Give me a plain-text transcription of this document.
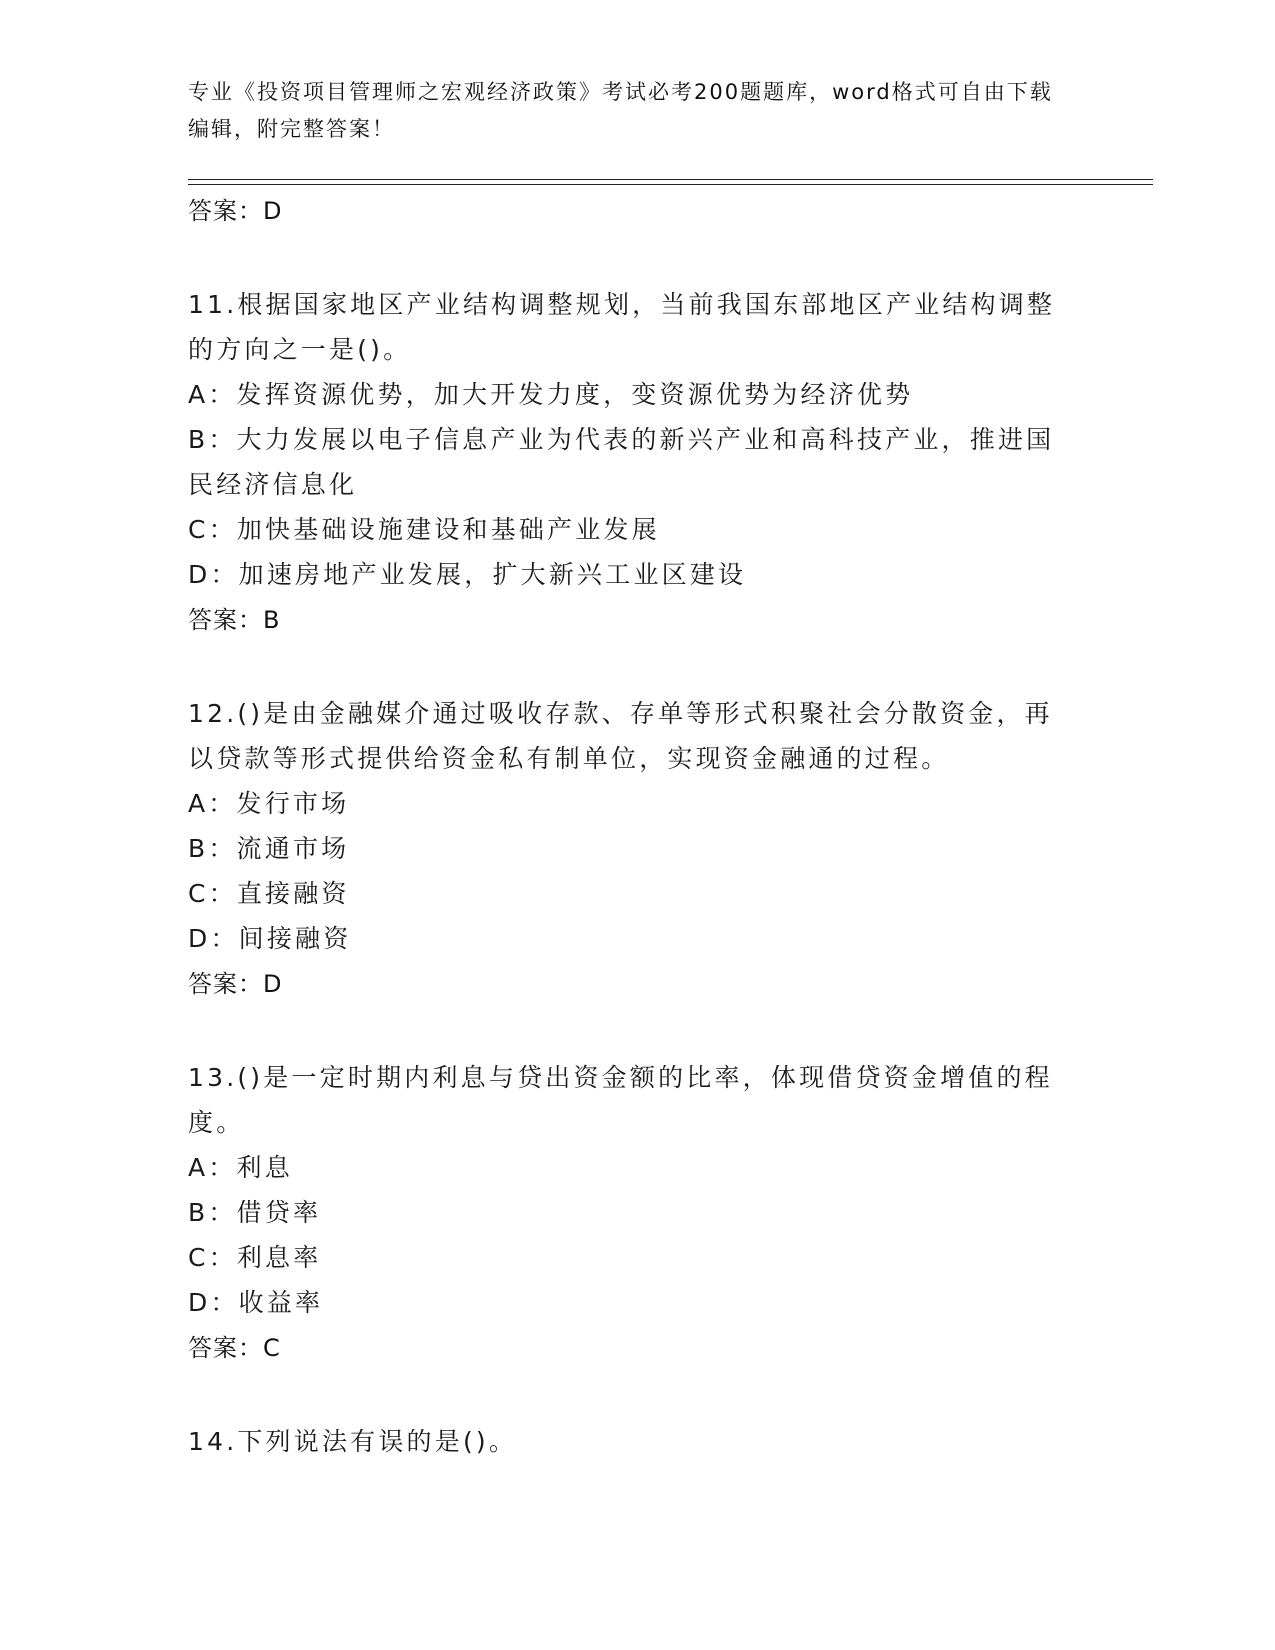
专业《投资项目管理师之宏观经济政策》考试必考200题题库，word格式可自由下载编辑，附完整答案！
答案：D
11.根据国家地区产业结构调整规划，当前我国东部地区产业结构调整的方向之一是()。
A：发挥资源优势，加大开发力度，变资源优势为经济优势
B：大力发展以电子信息产业为代表的新兴产业和高科技产业，推进国民经济信息化
C：加快基础设施建设和基础产业发展
D：加速房地产业发展，扩大新兴工业区建设
答案：B
12.()是由金融媒介通过吸收存款、存单等形式积聚社会分散资金，再以贷款等形式提供给资金私有制单位，实现资金融通的过程。
A：发行市场
B：流通市场
C：直接融资
D：间接融资
答案：D
13.()是一定时期内利息与贷出资金额的比率，体现借贷资金增值的程度。
A：利息
B：借贷率
C：利息率
D：收益率
答案：C
14.下列说法有误的是()。
